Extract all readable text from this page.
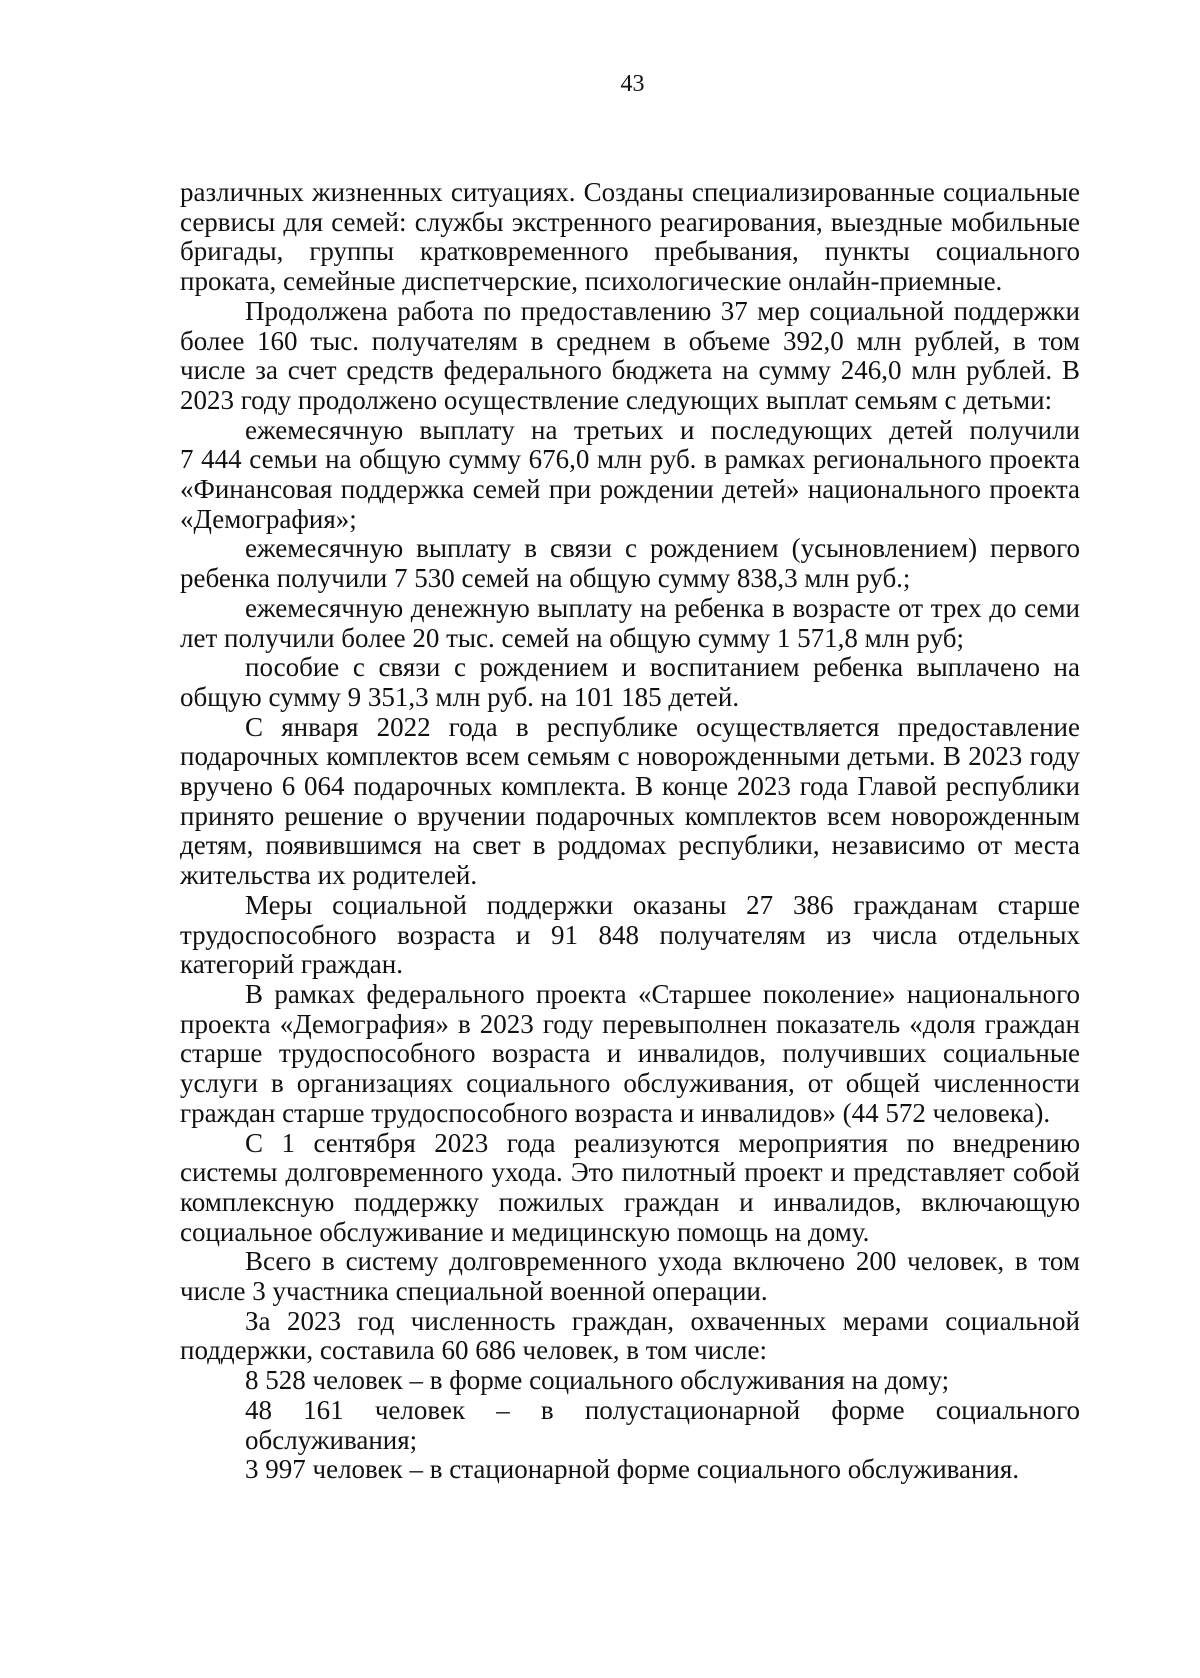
43
различных жизненных ситуациях. Созданы специализированные социальные
сервисы для семей: службы экстренного реагирования, выездные мобильные
бригады, группы кратковременного пребывания, пункты социального
проката, семейные диспетчерские, психологические онлайн-приемные.
Продолжена работа по предоставлению 37 мер социальной поддержки
более 160 тыс. получателям в среднем в объеме 392,0 млн рублей, в том
числе за счет средств федерального бюджета на сумму 246,0 млн рублей. В
2023 году продолжено осуществление следующих выплат семьям с детьми:
ежемесячную выплату на третьих и последующих детей получили
7 444 семьи на общую сумму 676,0 млн руб. в рамках регионального проекта
«Финансовая поддержка семей при рождении детей» национального проекта
«Демография»;
ежемесячную выплату в связи с рождением (усыновлением) первого
ребенка получили 7 530 семей на общую сумму 838,3 млн руб.;
ежемесячную денежную выплату на ребенка в возрасте от трех до семи
лет получили более 20 тыс. семей на общую сумму 1 571,8 млн руб;
пособие с связи с рождением и воспитанием ребенка выплачено на
общую сумму 9 351,3 млн руб. на 101 185 детей.
С января 2022 года в республике осуществляется предоставление
подарочных комплектов всем семьям с новорожденными детьми. В 2023 году
вручено 6 064 подарочных комплекта. В конце 2023 года Главой республики
принято решение о вручении подарочных комплектов всем новорожденным
детям, появившимся на свет в роддомах республики, независимо от места
жительства их родителей.
Меры социальной поддержки оказаны 27 386 гражданам старше
трудоспособного возраста и 91 848 получателям из числа отдельных
категорий граждан.
В рамках федерального проекта «Старшее поколение» национального
проекта «Демография» в 2023 году перевыполнен показатель «доля граждан
старше трудоспособного возраста и инвалидов, получивших социальные
услуги в организациях социального обслуживания, от общей численности
граждан старше трудоспособного возраста и инвалидов» (44 572 человека).
С 1 сентября 2023 года реализуются мероприятия по внедрению
системы долговременного ухода. Это пилотный проект и представляет собой
комплексную поддержку пожилых граждан и инвалидов, включающую
социальное обслуживание и медицинскую помощь на дому.
Всего в систему долговременного ухода включено 200 человек, в том
числе 3 участника специальной военной операции.
За 2023 год численность граждан, охваченных мерами социальной
поддержки, составила 60 686 человек, в том числе:
8 528 человек – в форме социального обслуживания на дому;
48 161 человек – в полустационарной форме социального обслуживания;
3 997 человек – в стационарной форме социального обслуживания.
